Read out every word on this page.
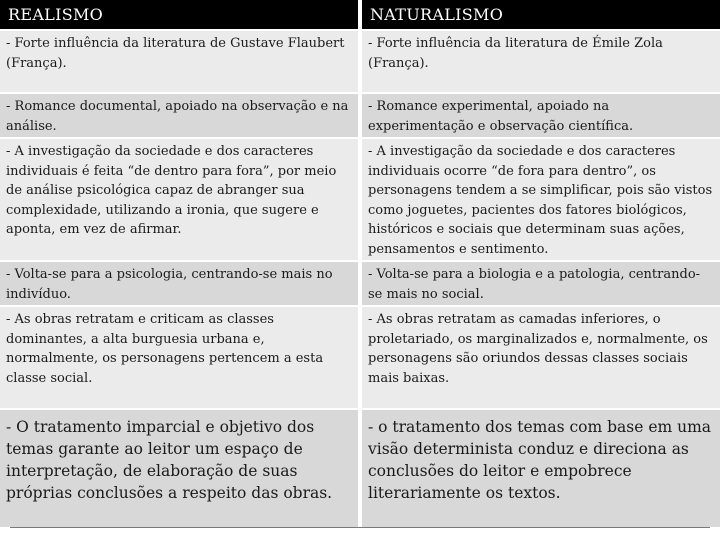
REALISMO	NATURALISMO
- Forte influência da literatura de Gustave Flaubert (França).
- Forte influência da literatura de Émile Zola (França).
- Romance documental, apoiado na observação e na análise.
- Romance experimental, apoiado na experimentação e observação científica.
- A investigação da sociedade e dos caracteres individuais é feita “de dentro para fora”, por meio de análise psicológica capaz de abranger sua complexidade, utilizando a ironia, que sugere e aponta, em vez de afirmar.
- A investigação da sociedade e dos caracteres individuais ocorre “de fora para dentro”, os personagens tendem a se simplificar, pois são vistos como joguetes, pacientes dos fatores biológicos, históricos e sociais que determinam suas ações, pensamentos e sentimento.
- Volta-se para a psicologia, centrando-se mais no indivíduo.
- Volta-se para a biologia e a patologia, centrando-se mais no social.
- As obras retratam e criticam as classes dominantes, a alta burguesia urbana e, normalmente, os personagens pertencem a esta classe social.
- As obras retratam as camadas inferiores, o proletariado, os marginalizados e, normalmente, os personagens são oriundos dessas classes sociais mais baixas.
- O tratamento imparcial e objetivo dos temas garante ao leitor um espaço de interpretação, de elaboração de suas próprias conclusões a respeito das obras.
- o tratamento dos temas com base em uma visão determinista conduz e direciona as conclusões do leitor e empobrece literariamente os textos.
